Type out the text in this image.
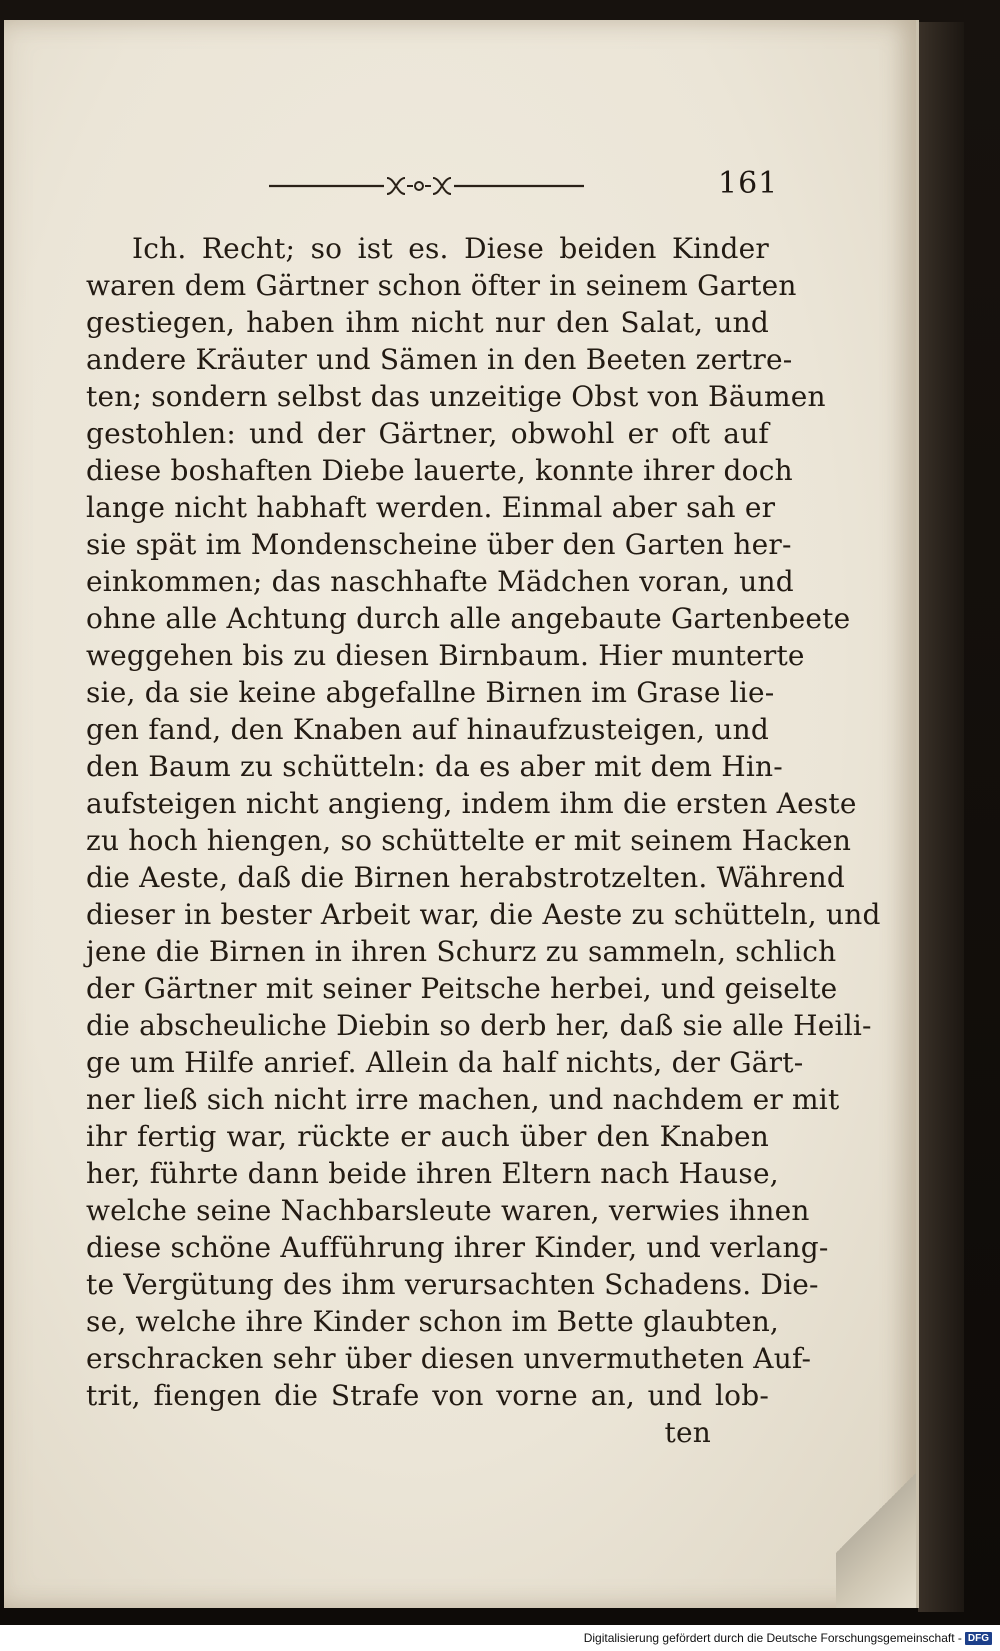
161
Ich. Recht; so ist es. Diese beiden Kinder
waren dem Gärtner schon öfter in seinem Garten
gestiegen, haben ihm nicht nur den Salat, und
andere Kräuter und Sämen in den Beeten zertre-
ten; sondern selbst das unzeitige Obst von Bäumen
gestohlen: und der Gärtner, obwohl er oft auf
diese boshaften Diebe lauerte, konnte ihrer doch
lange nicht habhaft werden. Einmal aber sah er
sie spät im Mondenscheine über den Garten her-
einkommen; das naschhafte Mädchen voran, und
ohne alle Achtung durch alle angebaute Gartenbeete
weggehen bis zu diesen Birnbaum. Hier munterte
sie, da sie keine abgefallne Birnen im Grase lie-
gen fand, den Knaben auf hinaufzusteigen, und
den Baum zu schütteln: da es aber mit dem Hin-
aufsteigen nicht angieng, indem ihm die ersten Aeste
zu hoch hiengen, so schüttelte er mit seinem Hacken
die Aeste, daß die Birnen herabstrotzelten. Während
dieser in bester Arbeit war, die Aeste zu schütteln, und
jene die Birnen in ihren Schurz zu sammeln, schlich
der Gärtner mit seiner Peitsche herbei, und geiselte
die abscheuliche Diebin so derb her, daß sie alle Heili-
ge um Hilfe anrief. Allein da half nichts, der Gärt-
ner ließ sich nicht irre machen, und nachdem er mit
ihr fertig war, rückte er auch über den Knaben
her, führte dann beide ihren Eltern nach Hause,
welche seine Nachbarsleute waren, verwies ihnen
diese schöne Aufführung ihrer Kinder, und verlang-
te Vergütung des ihm verursachten Schadens. Die-
se, welche ihre Kinder schon im Bette glaubten,
erschracken sehr über diesen unvermutheten Auf-
trit, fiengen die Strafe von vorne an, und lob-
ten
Digitalisierung gefördert durch die Deutsche Forschungsgemeinschaft - DFG
